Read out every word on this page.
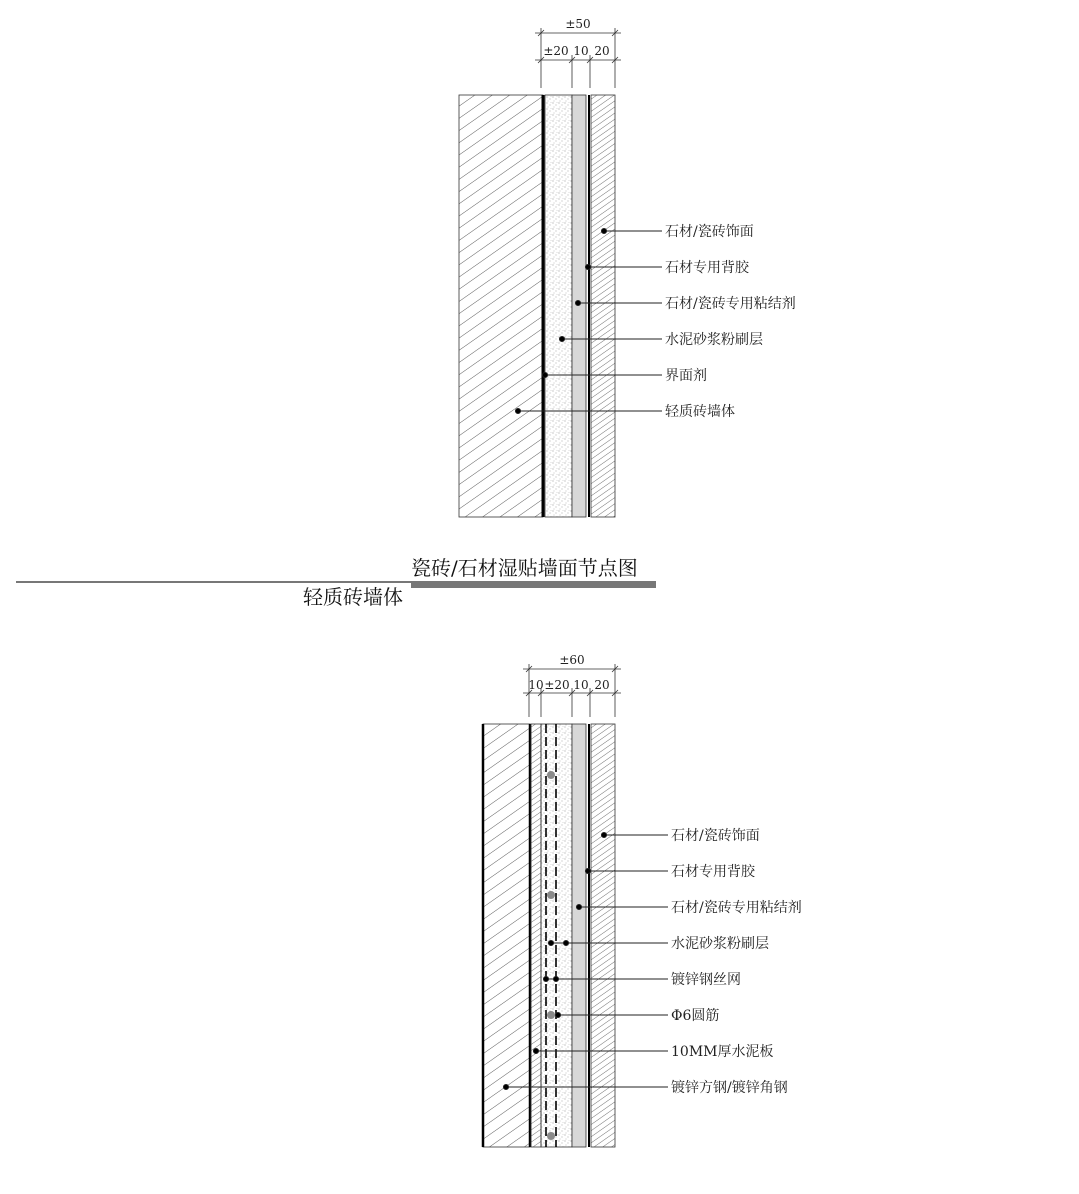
±50
±20 10 20
石材/瓷砖饰面
石材专用背胶
石材/瓷砖专用粘结剂
水泥砂浆粉刷层
界面剂
轻质砖墙体
瓷砖/石材湿贴墙面节点图
轻质砖墙体
±60
10 ±20 10 20
石材/瓷砖饰面
石材专用背胶
石材/瓷砖专用粘结剂
水泥砂浆粉刷层
镀锌钢丝网
Φ6圆筋
10MM厚水泥板
镀锌方钢/镀锌角钢
